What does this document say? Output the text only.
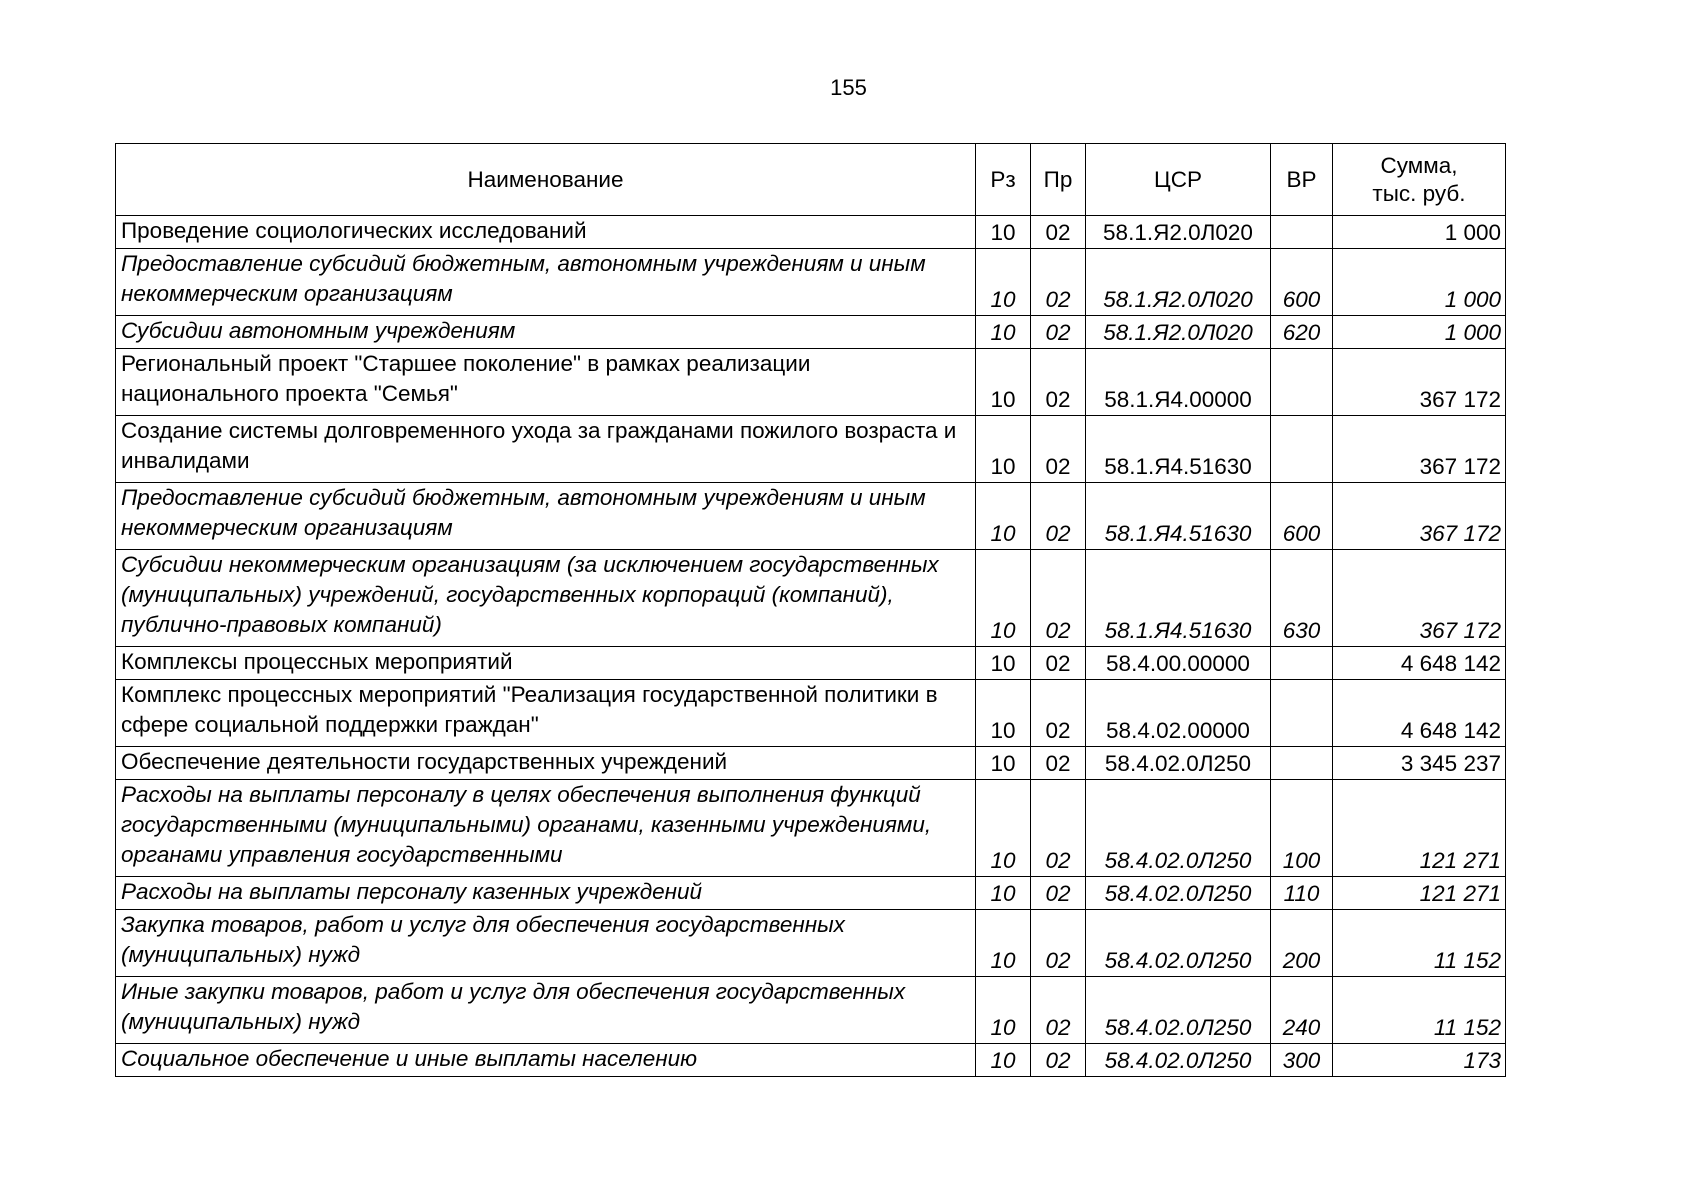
155
Наименование	Рз	Пр	ЦСР	ВР	Сумма,
тыс. руб.
Проведение социологических исследований	10	02	58.1.Я2.0Л020		1 000
Предоставление субсидий бюджетным, автономным учреждениям и иным некоммерческим организациям	10	02	58.1.Я2.0Л020	600	1 000
Субсидии автономным учреждениям	10	02	58.1.Я2.0Л020	620	1 000
Региональный проект "Старшее поколение" в рамках реализации национального проекта "Семья"	10	02	58.1.Я4.00000		367 172
Создание системы долговременного ухода за гражданами пожилого возраста и инвалидами	10	02	58.1.Я4.51630		367 172
Предоставление субсидий бюджетным, автономным учреждениям и иным некоммерческим организациям	10	02	58.1.Я4.51630	600	367 172
Субсидии некоммерческим организациям (за исключением государственных (муниципальных) учреждений, государственных корпораций (компаний), публично-правовых компаний)	10	02	58.1.Я4.51630	630	367 172
Комплексы процессных мероприятий	10	02	58.4.00.00000		4 648 142
Комплекс процессных мероприятий "Реализация государственной политики в сфере социальной поддержки граждан"	10	02	58.4.02.00000		4 648 142
Обеспечение деятельности государственных учреждений	10	02	58.4.02.0Л250		3 345 237
Расходы на выплаты персоналу в целях обеспечения выполнения функций государственными (муниципальными) органами, казенными учреждениями, органами управления государственными	10	02	58.4.02.0Л250	100	121 271
Расходы на выплаты персоналу казенных учреждений	10	02	58.4.02.0Л250	110	121 271
Закупка товаров, работ и услуг для обеспечения государственных (муниципальных) нужд	10	02	58.4.02.0Л250	200	11 152
Иные закупки товаров, работ и услуг для обеспечения государственных (муниципальных) нужд	10	02	58.4.02.0Л250	240	11 152
Социальное обеспечение и иные выплаты населению	10	02	58.4.02.0Л250	300	173
